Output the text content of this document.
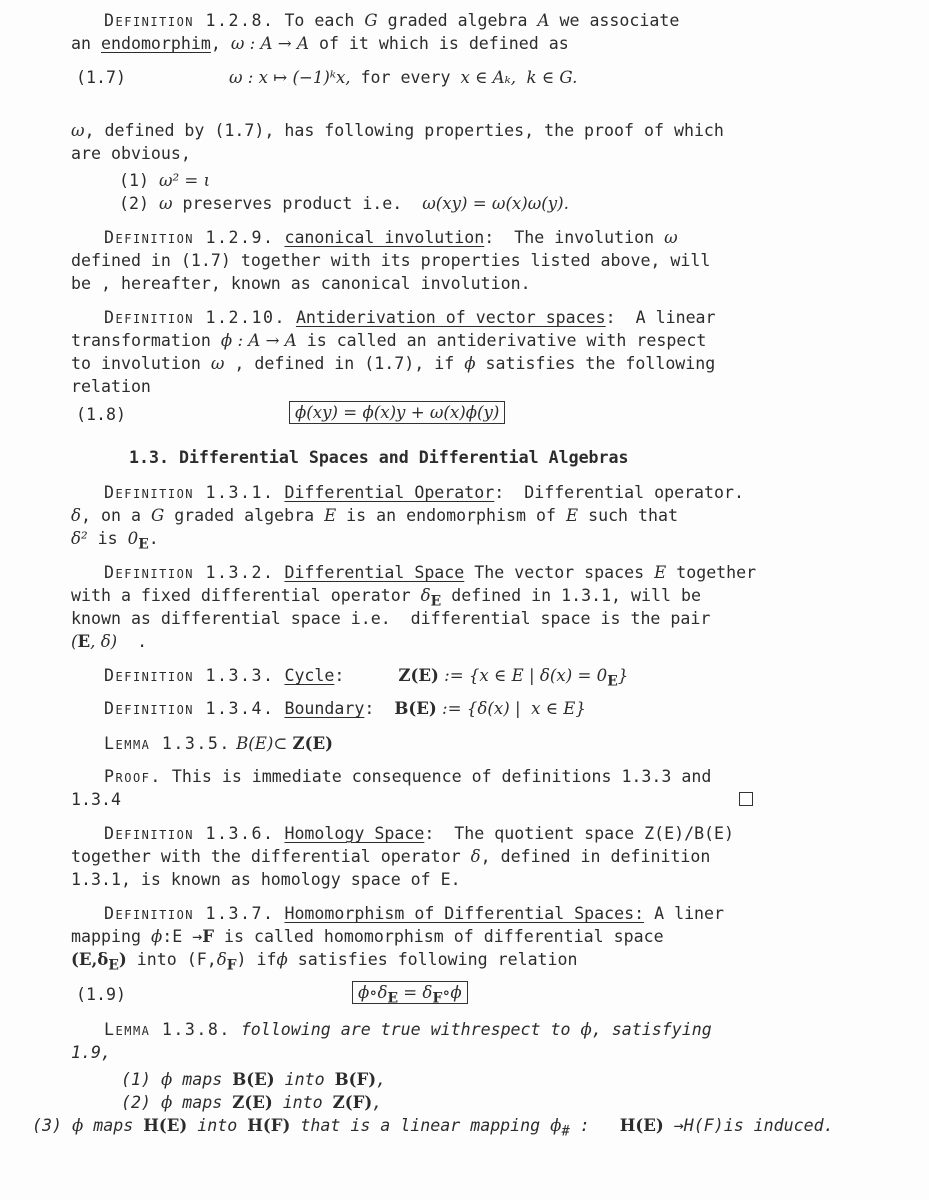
Definition 1.2.8. To each G graded algebra A we associate
an endomorphim, ω : A → A of it which is defined as
(1.7)	ω : x ↦ (−1)ᵏx, for every x ∈ Aₖ,  k ∈ G.
ω, defined by (1.7), has following properties, the proof of which
are obvious,
(1) ω² = ι
(2) ω preserves product i.e.  ω(xy) = ω(x)ω(y).
Definition 1.2.9. canonical involution:  The involution ω
defined in (1.7) together with its properties listed above, will
be , hereafter, known as canonical involution.
Definition 1.2.10. Antiderivation of vector spaces:  A linear
transformation ϕ : A → A is called an antiderivative with respect
to involution ω , defined in (1.7), if ϕ satisfies the following
relation
(1.8)	ϕ(xy) = ϕ(x)y + ω(x)ϕ(y)
1.3. Differential Spaces and Differential Algebras
Definition 1.3.1. Differential Operator:  Differential operator.
δ, on a G graded algebra E is an endomorphism of E such that
δ² is $0_E$.
Definition 1.3.2. Differential Space The vector spaces E together
with a fixed differential operator $\delta_E$ defined in 1.3.1, will be
known as differential space i.e.  differential space is the pair
(E, δ)  .
Definition 1.3.3. Cycle:    Z(E) := {x ∈ E | $\delta(x) = 0_E$}
Definition 1.3.4. Boundary:  B(E) := {δ(x) |  x ∈ E}
Lemma 1.3.5. B(E)⊂ Z(E)
Proof. This is immediate consequence of definitions 1.3.3 and
1.3.4
Definition 1.3.6. Homology Space:  The quotient space Z(E)/B(E)
together with the differential operator δ, defined in definition
1.3.1, is known as homology space of E.
Definition 1.3.7. Homomorphism of Differential Spaces: A liner
mapping ϕ:E →F is called homomorphism of differential space
$(E,\delta_E)$ into $(F,\delta_F)$ ifϕ satisfies following relation
(1.9)	$\phi\circ\delta_E$ = $\delta_F\circ\phi$
Lemma 1.3.8. following are true withrespect to ϕ, satisfying
1.9,
(1) ϕ maps B(E) into B(F),
(2) ϕ maps Z(E) into Z(F),
(3) ϕ maps H(E) into H(F) that is a linear mapping $\phi_{\#}$ :   H(E) →H(F)is induced.
